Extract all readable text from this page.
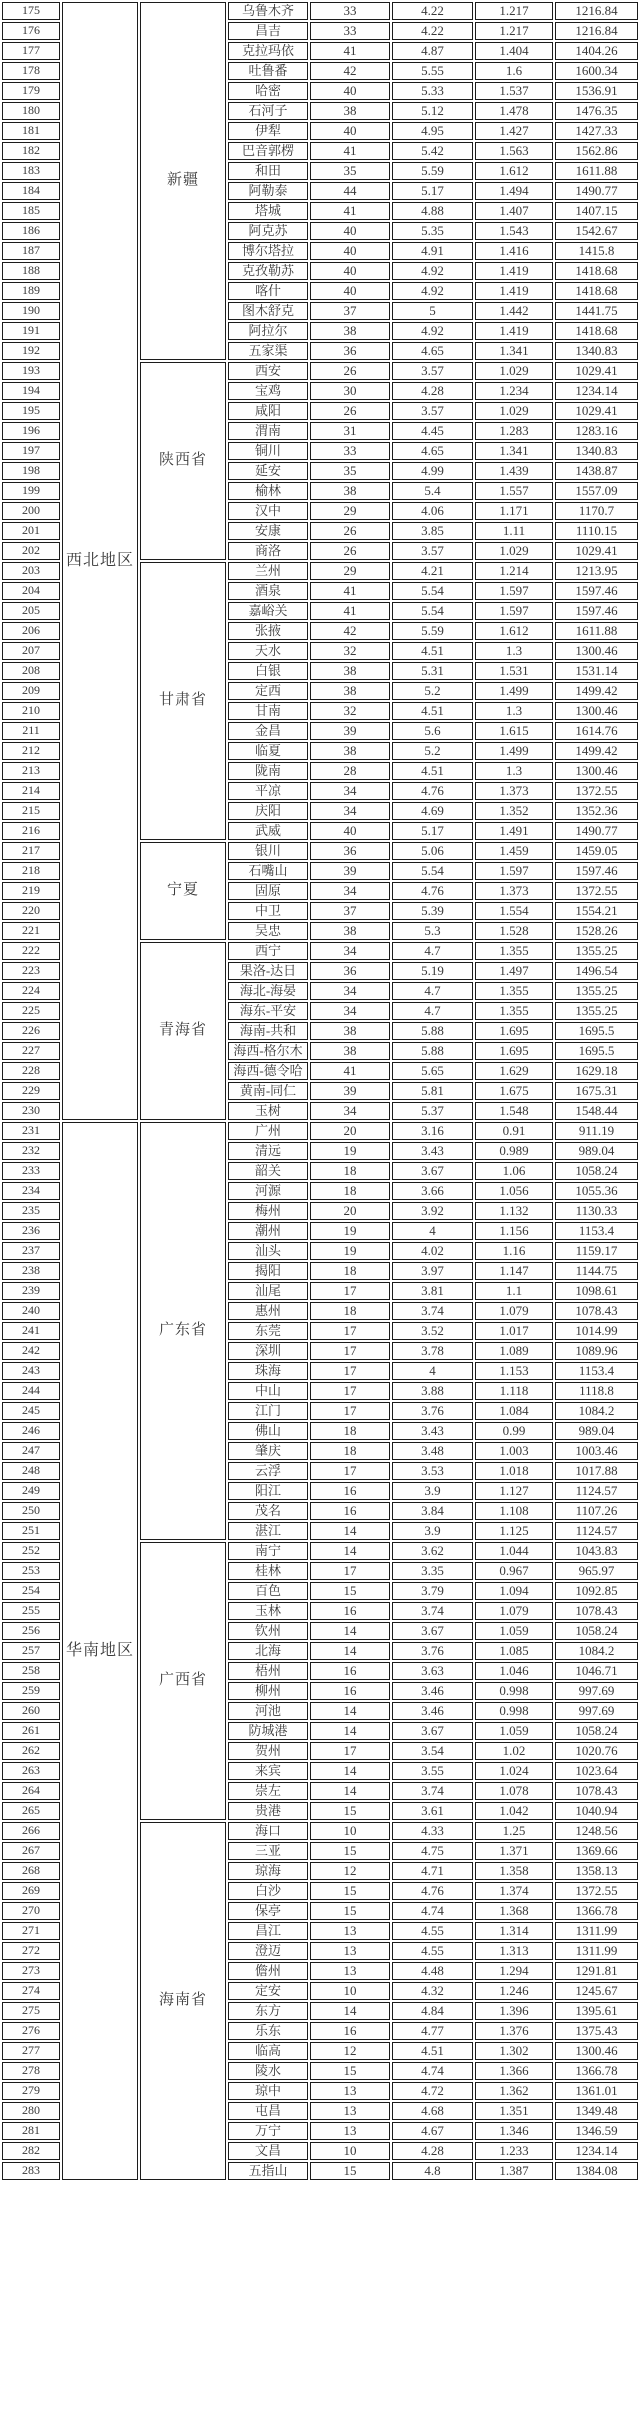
175	西北地区	新疆	乌鲁木齐	33	4.22	1.217	1216.84
176			昌吉	33	4.22	1.217	1216.84
177			克拉玛依	41	4.87	1.404	1404.26
178			吐鲁番	42	5.55	1.6	1600.34
179			哈密	40	5.33	1.537	1536.91
180			石河子	38	5.12	1.478	1476.35
181			伊犁	40	4.95	1.427	1427.33
182			巴音郭楞	41	5.42	1.563	1562.86
183			和田	35	5.59	1.612	1611.88
184			阿勒泰	44	5.17	1.494	1490.77
185			塔城	41	4.88	1.407	1407.15
186			阿克苏	40	5.35	1.543	1542.67
187			博尔塔拉	40	4.91	1.416	1415.8
188			克孜勒苏	40	4.92	1.419	1418.68
189			喀什	40	4.92	1.419	1418.68
190			图木舒克	37	5	1.442	1441.75
191			阿拉尔	38	4.92	1.419	1418.68
192			五家渠	36	4.65	1.341	1340.83
193		陕西省	西安	26	3.57	1.029	1029.41
194			宝鸡	30	4.28	1.234	1234.14
195			咸阳	26	3.57	1.029	1029.41
196			渭南	31	4.45	1.283	1283.16
197			铜川	33	4.65	1.341	1340.83
198			延安	35	4.99	1.439	1438.87
199			榆林	38	5.4	1.557	1557.09
200			汉中	29	4.06	1.171	1170.7
201			安康	26	3.85	1.11	1110.15
202			商洛	26	3.57	1.029	1029.41
203		甘肃省	兰州	29	4.21	1.214	1213.95
204			酒泉	41	5.54	1.597	1597.46
205			嘉峪关	41	5.54	1.597	1597.46
206			张掖	42	5.59	1.612	1611.88
207			天水	32	4.51	1.3	1300.46
208			白银	38	5.31	1.531	1531.14
209			定西	38	5.2	1.499	1499.42
210			甘南	32	4.51	1.3	1300.46
211			金昌	39	5.6	1.615	1614.76
212			临夏	38	5.2	1.499	1499.42
213			陇南	28	4.51	1.3	1300.46
214			平凉	34	4.76	1.373	1372.55
215			庆阳	34	4.69	1.352	1352.36
216			武威	40	5.17	1.491	1490.77
217		宁夏	银川	36	5.06	1.459	1459.05
218			石嘴山	39	5.54	1.597	1597.46
219			固原	34	4.76	1.373	1372.55
220			中卫	37	5.39	1.554	1554.21
221			吴忠	38	5.3	1.528	1528.26
222		青海省	西宁	34	4.7	1.355	1355.25
223			果洛-达日	36	5.19	1.497	1496.54
224			海北-海晏	34	4.7	1.355	1355.25
225			海东-平安	34	4.7	1.355	1355.25
226			海南-共和	38	5.88	1.695	1695.5
227			海西-格尔木	38	5.88	1.695	1695.5
228			海西-德令哈	41	5.65	1.629	1629.18
229			黄南-同仁	39	5.81	1.675	1675.31
230			玉树	34	5.37	1.548	1548.44
231	华南地区	广东省	广州	20	3.16	0.91	911.19
232			清远	19	3.43	0.989	989.04
233			韶关	18	3.67	1.06	1058.24
234			河源	18	3.66	1.056	1055.36
235			梅州	20	3.92	1.132	1130.33
236			潮州	19	4	1.156	1153.4
237			汕头	19	4.02	1.16	1159.17
238			揭阳	18	3.97	1.147	1144.75
239			汕尾	17	3.81	1.1	1098.61
240			惠州	18	3.74	1.079	1078.43
241			东莞	17	3.52	1.017	1014.99
242			深圳	17	3.78	1.089	1089.96
243			珠海	17	4	1.153	1153.4
244			中山	17	3.88	1.118	1118.8
245			江门	17	3.76	1.084	1084.2
246			佛山	18	3.43	0.99	989.04
247			肇庆	18	3.48	1.003	1003.46
248			云浮	17	3.53	1.018	1017.88
249			阳江	16	3.9	1.127	1124.57
250			茂名	16	3.84	1.108	1107.26
251			湛江	14	3.9	1.125	1124.57
252		广西省	南宁	14	3.62	1.044	1043.83
253			桂林	17	3.35	0.967	965.97
254			百色	15	3.79	1.094	1092.85
255			玉林	16	3.74	1.079	1078.43
256			钦州	14	3.67	1.059	1058.24
257			北海	14	3.76	1.085	1084.2
258			梧州	16	3.63	1.046	1046.71
259			柳州	16	3.46	0.998	997.69
260			河池	14	3.46	0.998	997.69
261			防城港	14	3.67	1.059	1058.24
262			贺州	17	3.54	1.02	1020.76
263			来宾	14	3.55	1.024	1023.64
264			崇左	14	3.74	1.078	1078.43
265			贵港	15	3.61	1.042	1040.94
266		海南省	海口	10	4.33	1.25	1248.56
267			三亚	15	4.75	1.371	1369.66
268			琼海	12	4.71	1.358	1358.13
269			白沙	15	4.76	1.374	1372.55
270			保亭	15	4.74	1.368	1366.78
271			昌江	13	4.55	1.314	1311.99
272			澄迈	13	4.55	1.313	1311.99
273			儋州	13	4.48	1.294	1291.81
274			定安	10	4.32	1.246	1245.67
275			东方	14	4.84	1.396	1395.61
276			乐东	16	4.77	1.376	1375.43
277			临高	12	4.51	1.302	1300.46
278			陵水	15	4.74	1.366	1366.78
279			琼中	13	4.72	1.362	1361.01
280			屯昌	13	4.68	1.351	1349.48
281			万宁	13	4.67	1.346	1346.59
282			文昌	10	4.28	1.233	1234.14
283			五指山	15	4.8	1.387	1384.08
